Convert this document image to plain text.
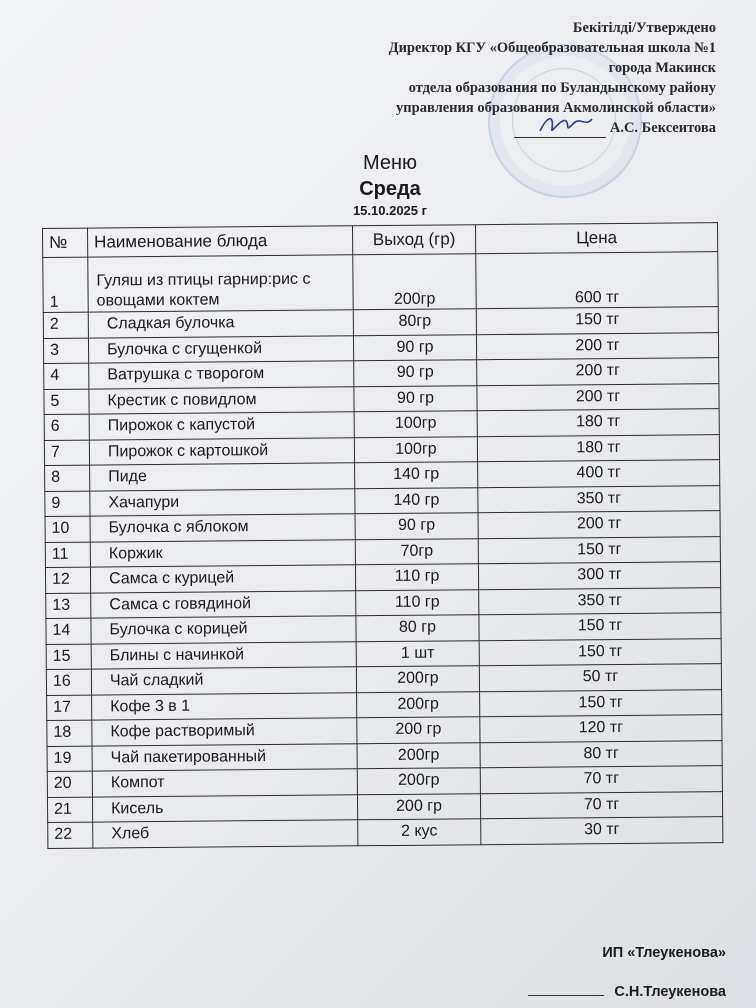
Бекітілді/Утверждено
Директор КГУ «Общеобразовательная школа №1
города Макинск
отдела образования по Буландынскому району
управления образования Акмолинской области»
А.С. Бексеитова
Меню
Среда
15.10.2025 г
№	Наименование блюда	Выход (гр)	Цена
1	Гуляш из птицы гарнир:рис с овощами коктем	200гр	600 тг
2	Сладкая булочка	80гр	150 тг
3	Булочка с сгущенкой	90 гр	200 тг
4	Ватрушка с творогом	90 гр	200 тг
5	Крестик с повидлом	90 гр	200 тг
6	Пирожок с капустой	100гр	180 тг
7	Пирожок с картошкой	100гр	180 тг
8	Пиде	140 гр	400 тг
9	Хачапури	140 гр	350 тг
10	Булочка с яблоком	90 гр	200 тг
11	Коржик	70гр	150 тг
12	Самса с курицей	110 гр	300 тг
13	Самса с говядиной	110 гр	350 тг
14	Булочка с корицей	80 гр	150 тг
15	Блины с начинкой	1 шт	150 тг
16	Чай сладкий	200гр	50 тг
17	Кофе 3 в 1	200гр	150 тг
18	Кофе растворимый	200 гр	120 тг
19	Чай пакетированный	200гр	80 тг
20	Компот	200гр	70 тг
21	Кисель	200 гр	70 тг
22	Хлеб	2 кус	30 тг
ИП «Тлеукенова»
С.Н.Тлеукенова
